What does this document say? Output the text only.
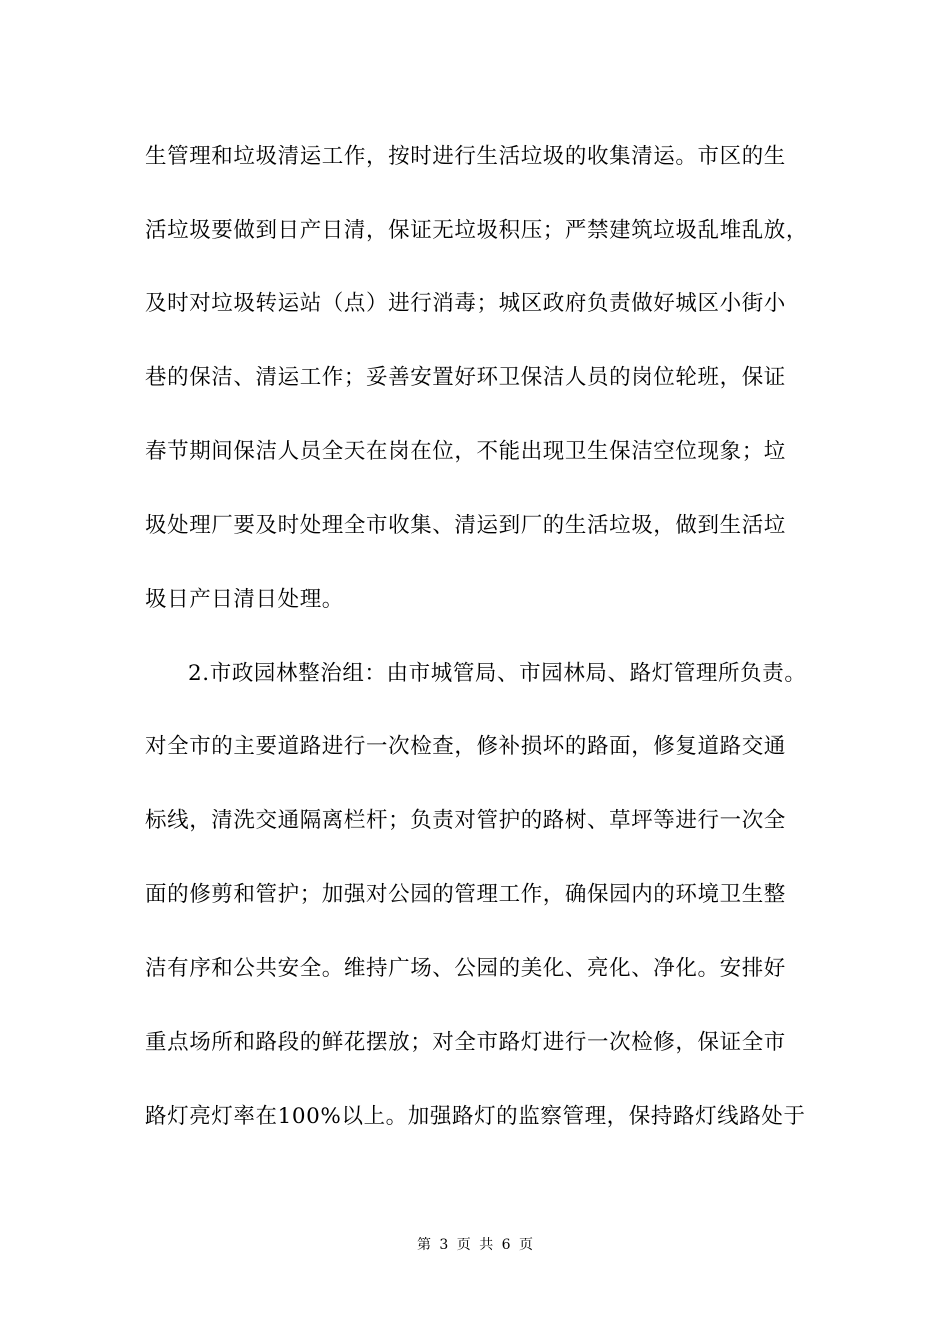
生管理和垃圾清运工作，按时进行生活垃圾的收集清运。市区的生
活垃圾要做到日产日清，保证无垃圾积压；严禁建筑垃圾乱堆乱放，
及时对垃圾转运站（点）进行消毒；城区政府负责做好城区小街小
巷的保洁、清运工作；妥善安置好环卫保洁人员的岗位轮班，保证
春节期间保洁人员全天在岗在位，不能出现卫生保洁空位现象；垃
圾处理厂要及时处理全市收集、清运到厂的生活垃圾，做到生活垃
圾日产日清日处理。
2.市政园林整治组：由市城管局、市园林局、路灯管理所负责。
对全市的主要道路进行一次检查，修补损坏的路面，修复道路交通
标线，清洗交通隔离栏杆；负责对管护的路树、草坪等进行一次全
面的修剪和管护；加强对公园的管理工作，确保园内的环境卫生整
洁有序和公共安全。维持广场、公园的美化、亮化、净化。安排好
重点场所和路段的鲜花摆放；对全市路灯进行一次检修，保证全市
路灯亮灯率在100%以上。加强路灯的监察管理，保持路灯线路处于
第 3 页 共 6 页
